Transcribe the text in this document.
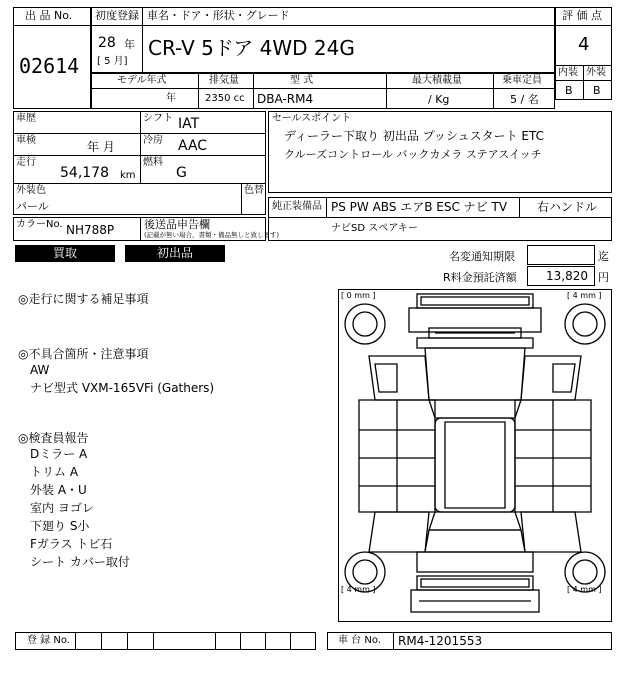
出 品 No.
02614
初度登録 車名・ドア・形状・グレード
28 年
[ 5 月]
CR-V 5ドア 4WD 24G
評 価 点
4
内装 外装
B B
モデル年式	排気量	型 式	最大積載量	乗車定員
年	2350 cc DBA-RM4	/ Kg	5 / 名
車歴	シフト IAT
車検	年 月	冷房 AAC
走行
54,178 km
燃料
G
外装色
パール
色替
カラーNo. NH788P	後送品申告欄
(記載が無い場合、書類・備品無しと致します)
セールスポイント
ディーラー下取り 初出品 プッシュスタート ETC
クルーズコントロール バックカメラ ステアスイッチ
純正装備品 PS PW ABS エアB ESC ナビ TV 右ハンドル
ナビSD スペアキー
買取	初出品	名変通知期限	迄
R料金預託済額 13,820 円
◎走行に関する補足事項
◎不具合箇所・注意事項
AW
ナビ型式 VXM-165VFi (Gathers)
◎検査員報告
Dミラー A
トリム A
外装 A・U
室内 ヨゴレ
下廻り S小
Fガラス トビ石
シート カバー取付
[ 0 mm ]	[ 4 mm ]
[ 4 mm ]	[ 4 mm ]
登 録 No.	車 台 No. RM4-1201553
